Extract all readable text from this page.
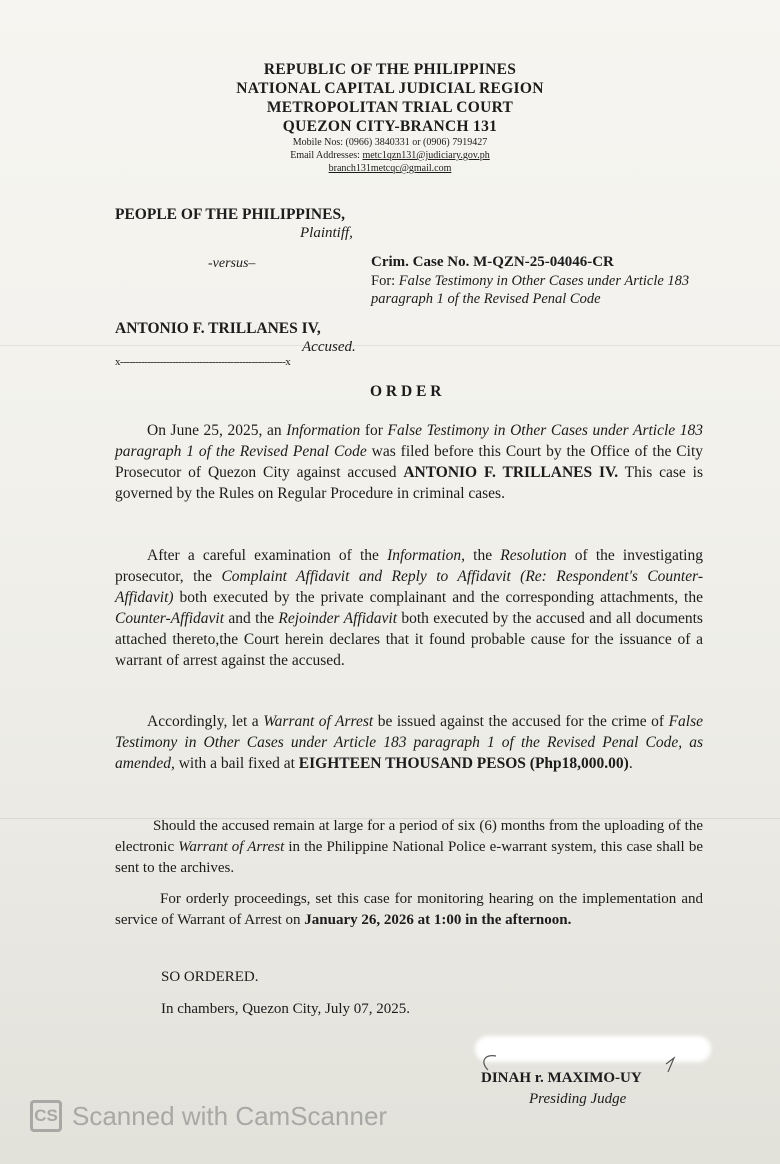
REPUBLIC OF THE PHILIPPINES
NATIONAL CAPITAL JUDICIAL REGION
METROPOLITAN TRIAL COURT
QUEZON CITY-BRANCH 131
Mobile Nos: (0966) 3840331 or (0906) 7919427
Email Addresses: metc1qzn131@judiciary.gov.ph
branch131metcqc@gmail.com
PEOPLE OF THE PHILIPPINES,
Plaintiff,
-versus–	Crim. Case No. M-QZN-25-04046-CR
For: False Testimony in Other Cases under Article 183
paragraph 1 of the Revised Penal Code
ANTONIO F. TRILLANES IV,
Accused.
x------------------------------------------------------x
O R D E R
On June 25, 2025, an Information for False Testimony in Other Cases under Article 183 paragraph 1 of the Revised Penal Code was filed before this Court by the Office of the City Prosecutor of Quezon City against accused ANTONIO F. TRILLANES IV. This case is governed by the Rules on Regular Procedure in criminal cases.
After a careful examination of the Information, the Resolution of the investigating prosecutor, the Complaint Affidavit and Reply to Affidavit (Re: Respondent's Counter-Affidavit) both executed by the private complainant and the corresponding attachments, the Counter-Affidavit and the Rejoinder Affidavit both executed by the accused and all documents attached thereto,the Court herein declares that it found probable cause for the issuance of a warrant of arrest against the accused.
Accordingly, let a Warrant of Arrest be issued against the accused for the crime of False Testimony in Other Cases under Article 183 paragraph 1 of the Revised Penal Code, as amended, with a bail fixed at EIGHTEEN THOUSAND PESOS (Php18,000.00).
Should the accused remain at large for a period of six (6) months from the uploading of the electronic Warrant of Arrest in the Philippine National Police e-warrant system, this case shall be sent to the archives.
For orderly proceedings, set this case for monitoring hearing on the implementation and service of Warrant of Arrest on January 26, 2026 at 1:00 in the afternoon.
SO ORDERED.
In chambers, Quezon City, July 07, 2025.
DINAH r. MAXIMO-UY
Presiding Judge
CS Scanned with CamScanner
